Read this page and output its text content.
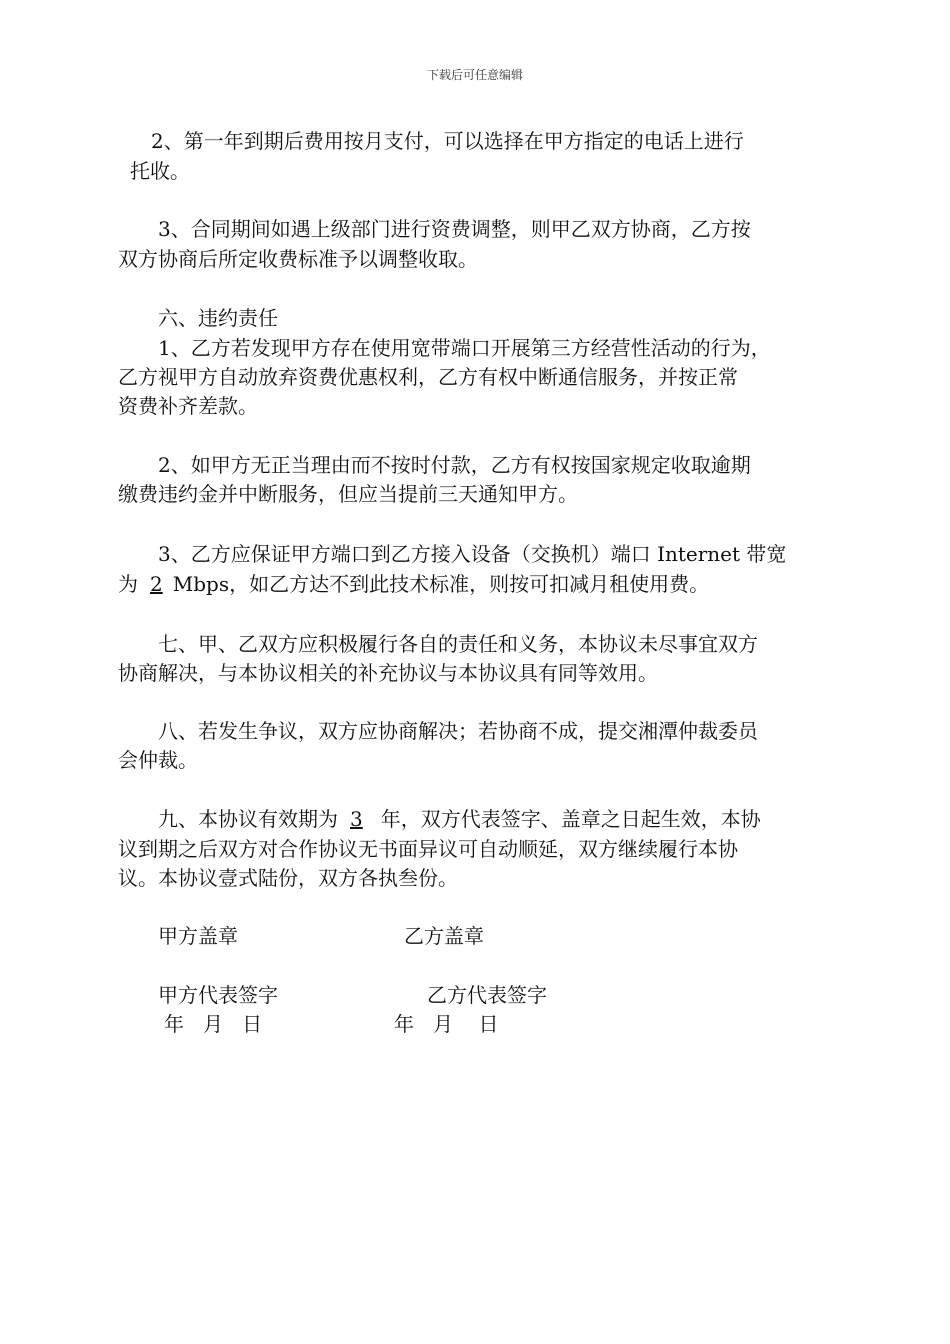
下载后可任意编辑
2、第一年到期后费用按月支付，可以选择在甲方指定的电话上进行
托收。
3、合同期间如遇上级部门进行资费调整，则甲乙双方协商，乙方按
双方协商后所定收费标准予以调整收取。
六、违约责任
1、乙方若发现甲方存在使用宽带端口开展第三方经营性活动的行为，
乙方视甲方自动放弃资费优惠权利，乙方有权中断通信服务，并按正常
资费补齐差款。
2、如甲方无正当理由而不按时付款，乙方有权按国家规定收取逾期
缴费违约金并中断服务，但应当提前三天通知甲方。
3、乙方应保证甲方端口到乙方接入设备（交换机）端口 Internet 带宽
为 2 Mbps，如乙方达不到此技术标准，则按可扣减月租使用费。
七、甲、乙双方应积极履行各自的责任和义务，本协议未尽事宜双方
协商解决，与本协议相关的补充协议与本协议具有同等效用。
八、若发生争议，双方应协商解决；若协商不成，提交湘潭仲裁委员
会仲裁。
九、本协议有效期为 3 年，双方代表签字、盖章之日起生效，本协
议到期之后双方对合作协议无书面异议可自动顺延，双方继续履行本协
议。本协议壹式陆份，双方各执叁份。
甲方盖章	乙方盖章
甲方代表签字	乙方代表签字
年   月   日	年   月    日
